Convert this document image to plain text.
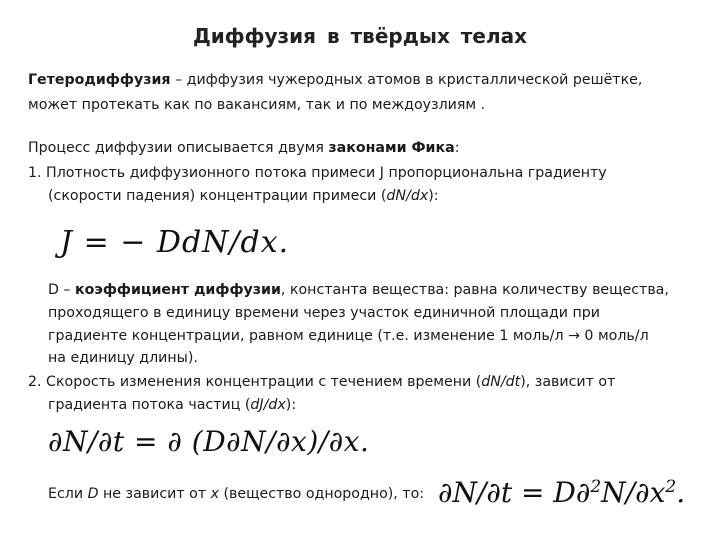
Диффузия в твёрдых телах
Гетеродиффузия – диффузия чужеродных атомов в кристаллической решётке,
может протекать как по вакансиям, так и по междоузлиям .
Процесс диффузии описывается двумя законами Фика:
1. Плотность диффузионного потока примеси J пропорциональна градиенту
(скорости падения) концентрации примеси (dN/dx):
J = − DdN/dx.
D – коэффициент диффузии, константа вещества: равна количеству вещества,
проходящего в единицу времени через участок единичной площади при
градиенте концентрации, равном единице (т.е. изменение 1 моль/л → 0 моль/л
на единицу длины).
2. Скорость изменения концентрации с течением времени (dN/dt), зависит от
градиента потока частиц (dJ/dx):
∂N/∂t = ∂ (D∂N/∂x)/∂x.
Если D не зависит от x (вещество однородно), то: $\partial N/\partial t = D\partial^2N/\partial x^2$.
